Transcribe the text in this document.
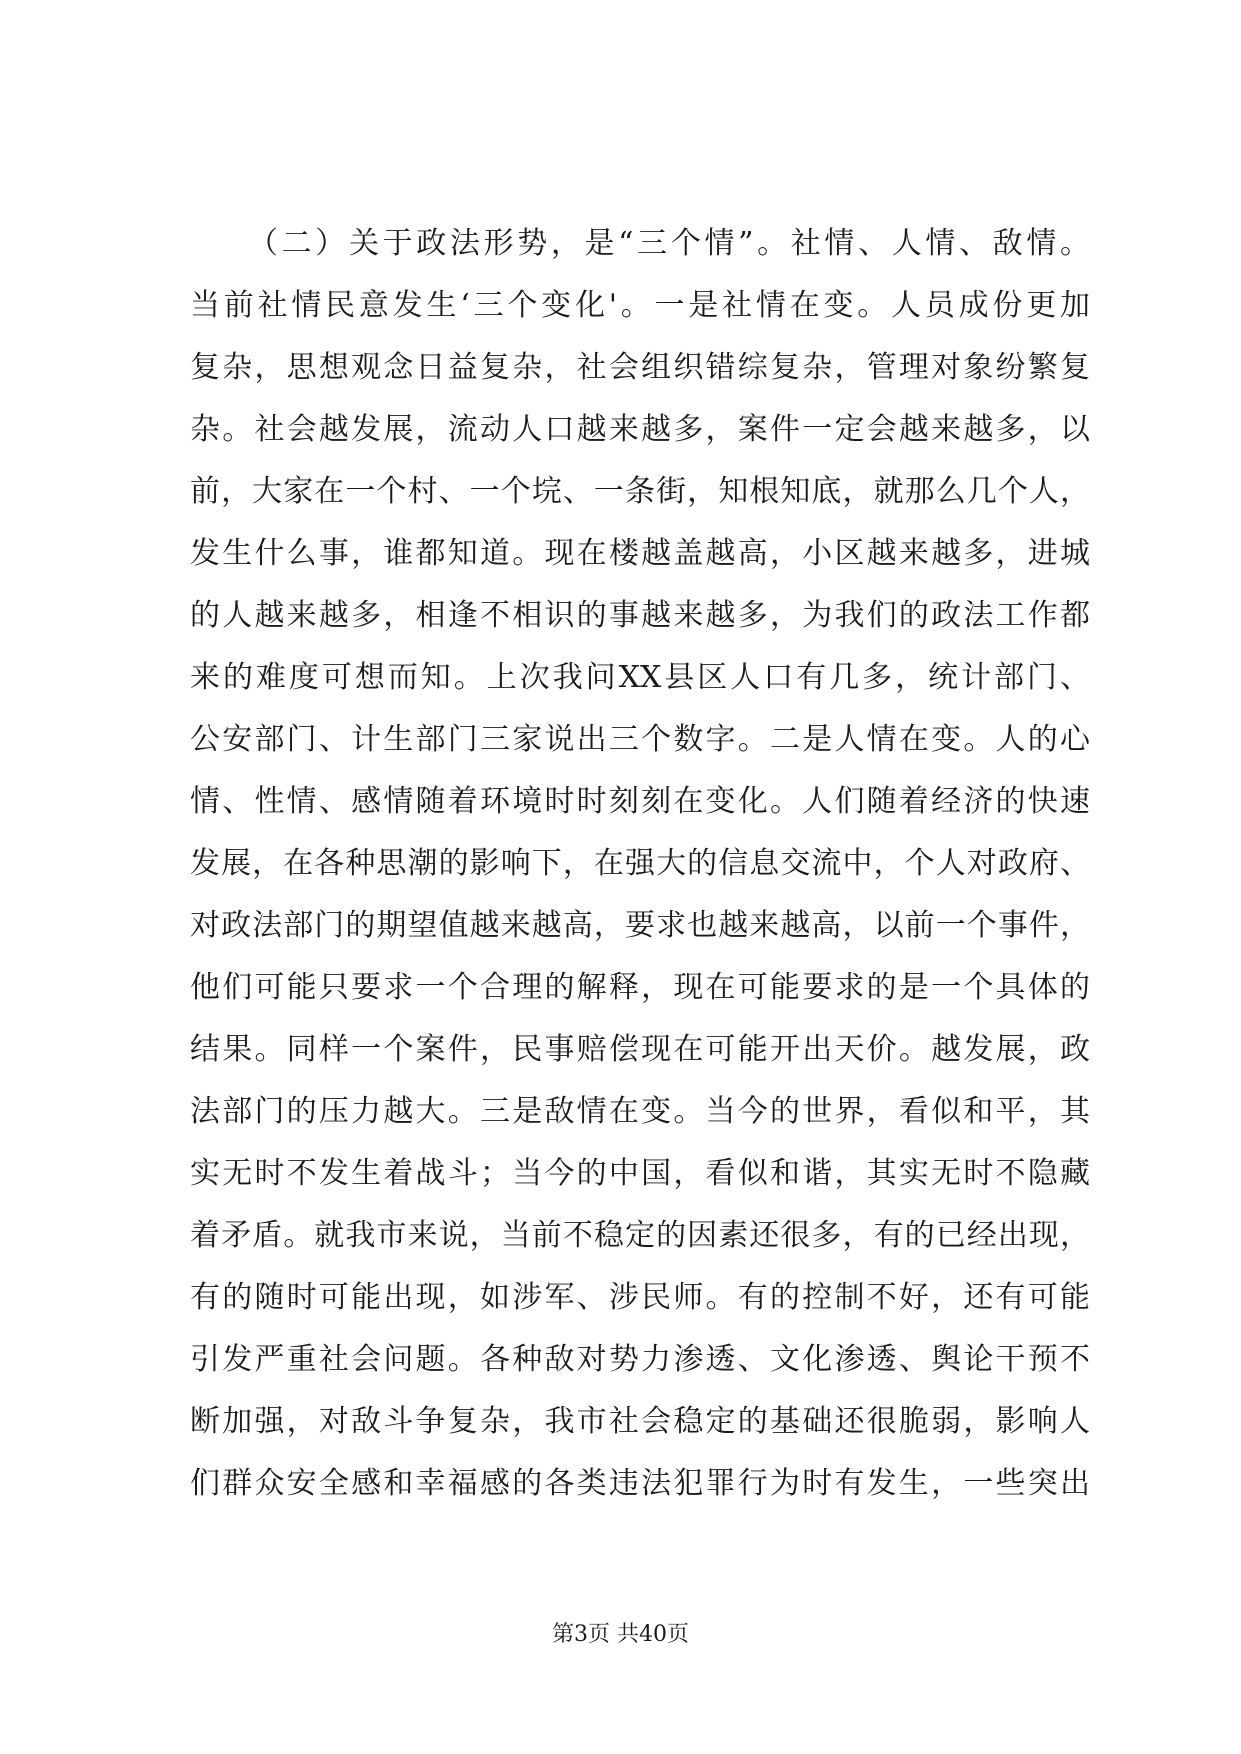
（二）关于政法形势，是“三个情”。社情、人情、敌情。
当前社情民意发生‘三个变化'。一是社情在变。人员成份更加
复杂，思想观念日益复杂，社会组织错综复杂，管理对象纷繁复
杂。社会越发展，流动人口越来越多，案件一定会越来越多，以
前，大家在一个村、一个垸、一条街，知根知底，就那么几个人，
发生什么事，谁都知道。现在楼越盖越高，小区越来越多，进城
的人越来越多，相逢不相识的事越来越多，为我们的政法工作都
来的难度可想而知。上次我问XX县区人口有几多，统计部门、
公安部门、计生部门三家说出三个数字。二是人情在变。人的心
情、性情、感情随着环境时时刻刻在变化。人们随着经济的快速
发展，在各种思潮的影响下，在强大的信息交流中，个人对政府、
对政法部门的期望值越来越高，要求也越来越高，以前一个事件，
他们可能只要求一个合理的解释，现在可能要求的是一个具体的
结果。同样一个案件，民事赔偿现在可能开出天价。越发展，政
法部门的压力越大。三是敌情在变。当今的世界，看似和平，其
实无时不发生着战斗；当今的中国，看似和谐，其实无时不隐藏
着矛盾。就我市来说，当前不稳定的因素还很多，有的已经出现，
有的随时可能出现，如涉军、涉民师。有的控制不好，还有可能
引发严重社会问题。各种敌对势力渗透、文化渗透、舆论干预不
断加强，对敌斗争复杂，我市社会稳定的基础还很脆弱，影响人
们群众安全感和幸福感的各类违法犯罪行为时有发生，一些突出
第3页 共40页
